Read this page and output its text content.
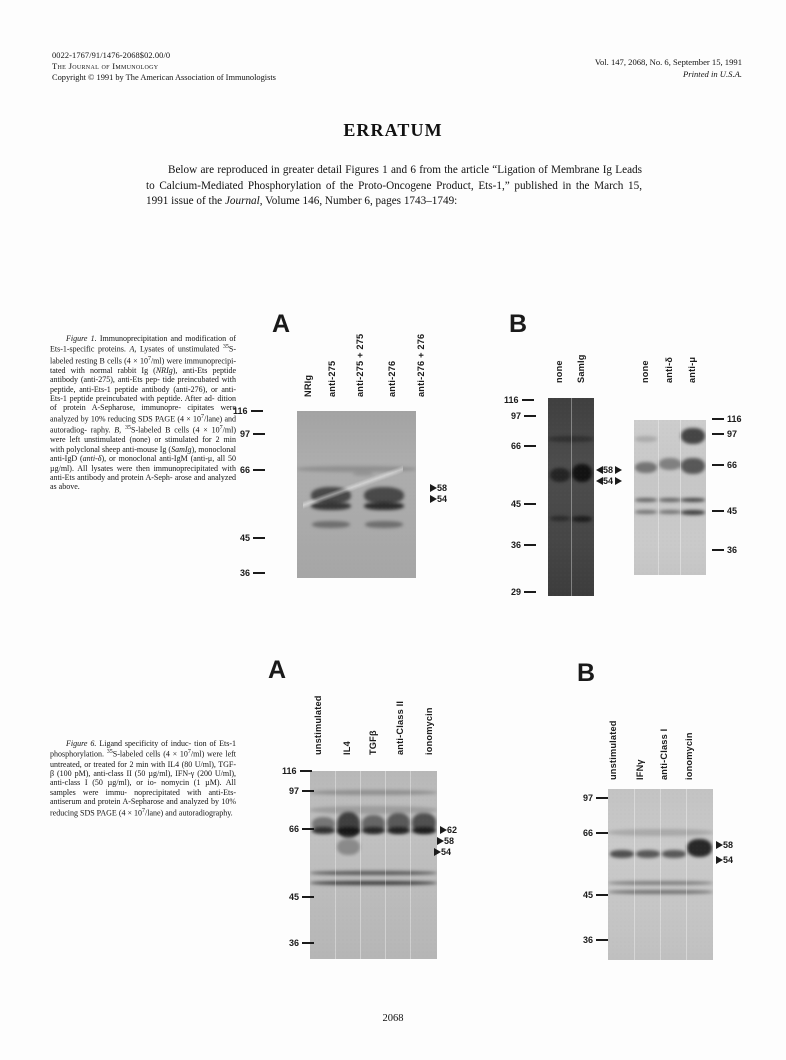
0022-1767/91/1476-2068$02.00/0
The Journal of Immunology
Copyright © 1991 by The American Association of Immunologists
Vol. 147, 2068, No. 6, September 15, 1991
Printed in U.S.A.
ERRATUM
Below are reproduced in greater detail Figures 1 and 6 from the article “Ligation of Membrane Ig Leads to Calcium-Mediated Phosphorylation of the Proto-Oncogene Product, Ets-1,” published in the March 15, 1991 issue of the Journal, Volume 146, Number 6, pages 1743–1749:
Figure 1. Immunoprecipitation and modification of Ets-1-specific proteins. A, Lysates of unstimulated $^{35}$S-labeled resting B cells $(4 \times 10^7/ml)$ were immunoprecipi‑ tated with normal rabbit Ig (NRIg), anti-Ets peptide antibody (anti-275), anti-Ets pep‑ tide preincubated with peptide, anti-Ets-1 peptide antibody (anti-276), or anti-Ets-1 peptide preincubated with peptide. After ad‑ dition of protein A-Sepharose, immunopre‑ cipitates were analyzed by 10% reducing SDS PAGE $(4 \times 10^7/lane)$ and autoradiog‑ raphy. B, $^{35}$S-labeled B cells $(4 \times 10^7/ml)$ were left unstimulated (none) or stimulated for 2 min with polyclonal sheep anti-mouse Ig (SamIg), monoclonal anti-IgD (anti-δ), or monoclonal anti-IgM (anti-μ, all 50 µg/ml). All lysates were then immunoprecipitated with anti-Ets antibody and protein A-Seph‑ arose and analyzed as above.
A
NRIg anti-275 anti-275 + 275 anti-276 anti-276 + 276
116
97
66
45
36
58
54
B
none SamIg	none anti-δ anti-μ
116
97
66
45
36
29
116
97
66
45
36
58
54
Figure 6. Ligand specificity of induc‑ tion of Ets-1 phosphorylation. $^{35}$S-labeled cells $(4 \times 10^7/ml)$ were left untreated, or treated for 2 min with IL4 (80 U/ml), TGF- β (100 pM), anti-class II (50 µg/ml), IFN-γ (200 U/ml), anti-class I (50 µg/ml), or io‑ nomycin (1 µM). All samples were immu‑ noprecipitated with anti-Ets-antiserum and protein A-Sepharose and analyzed by 10% reducing SDS PAGE $(4 \times 10^7/lane)$ and autoradiography.
A
unstimulated IL4 TGFβ anti-Class II ionomycin
116
97
66
45
36
62
58
54
B
unstimulated IFNγ anti-Class I ionomycin
97
66
45
36
58
54
2068
